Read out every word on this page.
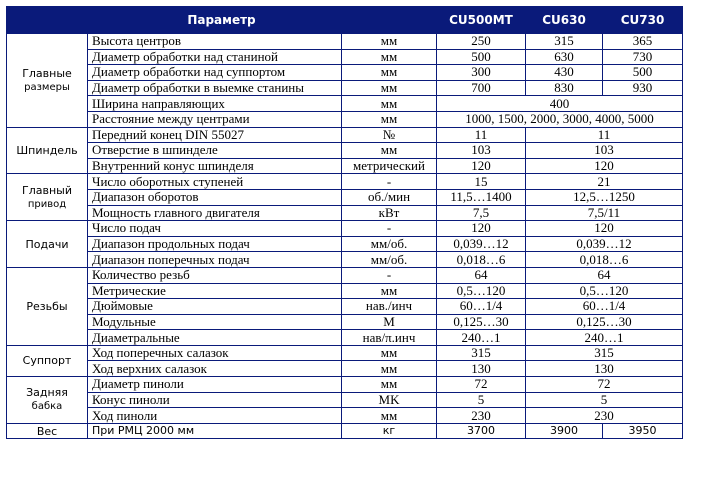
Параметр			CU500MT	CU630	CU730
Главные
размеры	Высота центров	мм	250	315	365
	Диаметр обработки над станиной	мм	500	630	730
	Диаметр обработки над суппортом	мм	300	430	500
	Диаметр обработки в выемке станины	мм	700	830	930
	Ширина направляющих	мм	400		
	Расстояние между центрами	мм	1000, 1500, 2000, 3000, 4000, 5000		
Шпиндель	Передний конец DIN 55027	№	11	11	
	Отверстие в шпинделе	мм	103	103	
	Внутренний конус шпинделя	метрический	120	120	
Главный
привод	Число оборотных ступеней	-	15	21	
	Диапазон оборотов	об./мин	11,5…1400	12,5…1250	
	Мощность главного двигателя	кВт	7,5	7,5/11	
Подачи	Число подач	-	120	120	
	Диапазон продольных подач	мм/об.	0,039…12	0,039…12	
	Диапазон поперечных подач	мм/об.	0,018…6	0,018…6	
Резьбы	Количество резьб	-	64	64	
	Метрические	мм	0,5…120	0,5…120	
	Дюймовые	нав./инч	60…1/4	60…1/4	
	Модульные	M	0,125…30	0,125…30	
	Диаметральные	нав/π.инч	240…1	240…1	
Суппорт	Ход поперечных салазок	мм	315	315	
	Ход верхних салазок	мм	130	130	
Задняя
бабка	Диаметр пиноли	мм	72	72	
	Конус пиноли	MK	5	5	
	Ход пиноли	мм	230	230	
Вес	При РМЦ 2000 мм	кг	3700	3900	3950
